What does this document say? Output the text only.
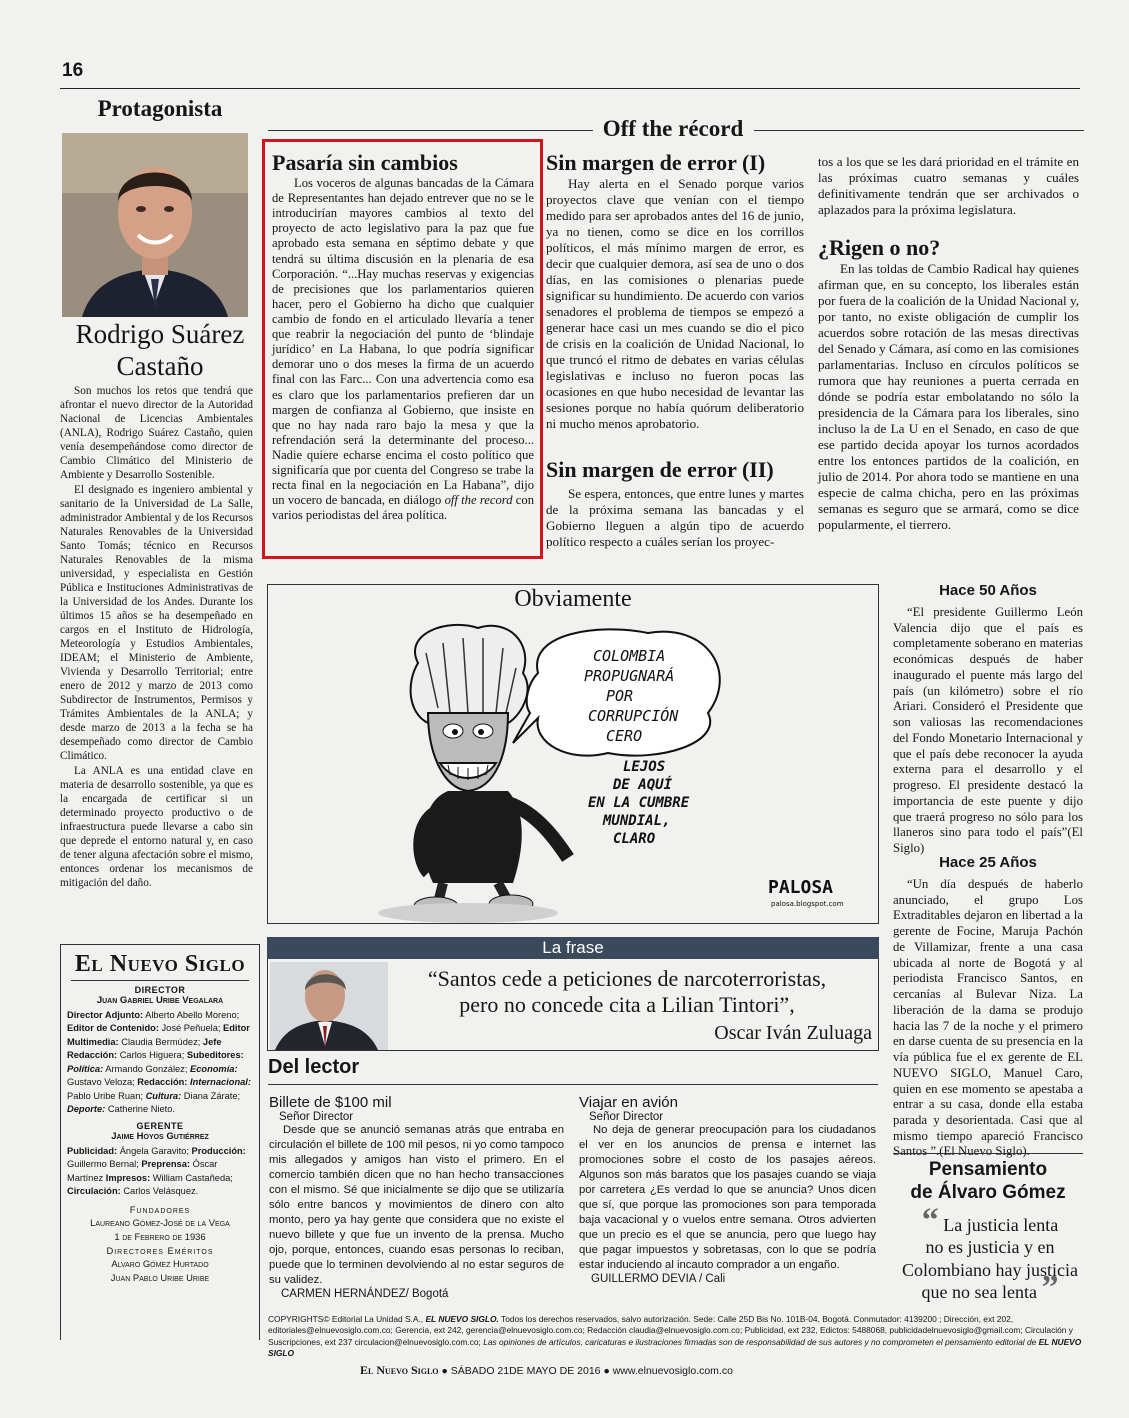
16
Protagonista
Rodrigo Suárez
Castaño

Son muchos los retos que tendrá que afrontar el nuevo director de la Autoridad Nacional de Licencias Ambientales (ANLA), Rodrigo Suárez Castaño, quien venía desempeñándose como director de Cambio Climático del Ministerio de Ambiente y Desarrollo Sostenible.

El designado es ingeniero ambiental y sanitario de la Universidad de La Salle, administrador Ambiental y de los Recursos Naturales Renovables de la Universidad Santo Tomás; técnico en Recursos Naturales Renovables de la misma universidad, y especialista en Gestión Pública e Instituciones Administrativas de la Universidad de los Andes. Durante los últimos 15 años se ha desempeñado en cargos en el Instituto de Hidrología, Meteorología y Estudios Ambientales, IDEAM; el Ministerio de Ambiente, Vivienda y Desarrollo Territorial; entre enero de 2012 y marzo de 2013 como Subdirector de Instrumentos, Permisos y Trámites Ambientales de la ANLA; y desde marzo de 2013 a la fecha se ha desempeñado como director de Cambio Climático.

La ANLA es una entidad clave en materia de desarrollo sostenible, ya que es la encargada de certificar si un determinado proyecto productivo o de infraestructura puede llevarse a cabo sin que deprede el entorno natural y, en caso de tener alguna afectación sobre el mismo, entonces ordenar los mecanismos de mitigación del daño.

El Nuevo Siglo
DIRECTOR
Juan Gabriel Uribe Vegalara
Director Adjunto: Alberto Abello Moreno; Editor de Contenido: José Peñuela; Editor Multimedia: Claudia Bermúdez; Jefe Redacción: Carlos Higuera; Subeditores: Política: Armando González; Economía: Gustavo Veloza; Redacción: Internacional: Pablo Uribe Ruan; Cultura: Diana Zárate; Deporte: Catherine Nieto.
GERENTE
Jaime Hoyos Gutiérrez
Publicidad: Ángela Garavito; Producción: Guillermo Bernal; Preprensa: Óscar Martínez Impresos: William Castañeda; Circulación: Carlos Velásquez.
Fundadores
Laureano Gómez-José de la Vega
1 de Febrero de 1936
Directores Eméritos
Alvaro Gómez Hurtado
Juan Pablo Uribe Uribe
Off the récord
Pasaría sin cambios

Los voceros de algunas bancadas de la Cámara de Representantes han dejado entrever que no se le introducirían mayores cambios al texto del proyecto de acto legislativo para la paz que fue aprobado esta semana en séptimo debate y que tendrá su última discusión en la plenaria de esa Corporación. “...Hay muchas reservas y exigencias de precisiones que los parlamentarios quieren hacer, pero el Gobierno ha dicho que cualquier cambio de fondo en el articulado llevaría a tener que reabrir la negociación del punto de ‘blindaje jurídico’ en La Habana, lo que podría significar demorar uno o dos meses la firma de un acuerdo final con las Farc... Con una advertencia como esa es claro que los parlamentarios prefieren dar un margen de confianza al Gobierno, que insiste en que no hay nada raro bajo la mesa y que la refrendación será la determinante del proceso... Nadie quiere echarse encima el costo político que significaría que por cuenta del Congreso se trabe la recta final en la negociación en La Habana”, dijo un vocero de bancada, en diálogo off the record con varios periodistas del área política.

Sin margen de error (I)

Hay alerta en el Senado porque varios proyectos clave que venían con el tiempo medido para ser aprobados antes del 16 de junio, ya no tienen, como se dice en los corrillos políticos, el más mínimo margen de error, es decir que cualquier demora, así sea de uno o dos días, en las comisiones o plenarias puede significar su hundimiento. De acuerdo con varios senadores el problema de tiempos se empezó a generar hace casi un mes cuando se dio el pico de crisis en la coalición de Unidad Nacional, lo que truncó el ritmo de debates en varias células legislativas e incluso no fueron pocas las ocasiones en que hubo necesidad de levantar las sesiones porque no había quórum deliberatorio ni mucho menos aprobatorio.

Sin margen de error (II)

Se espera, entonces, que entre lunes y martes de la próxima semana las bancadas y el Gobierno lleguen a algún tipo de acuerdo político respecto a cuáles serían los proyec-

tos a los que se les dará prioridad en el trámite en las próximas cuatro semanas y cuáles definitivamente tendrán que ser archivados o aplazados para la próxima legislatura.
¿Rigen o no?

En las toldas de Cambio Radical hay quienes afirman que, en su concepto, los liberales están por fuera de la coalición de la Unidad Nacional y, por tanto, no existe obligación de cumplir los acuerdos sobre rotación de las mesas directivas del Senado y Cámara, así como en las comisiones parlamentarias. Incluso en círculos políticos se rumora que hay reuniones a puerta cerrada en dónde se podría estar embolatando no sólo la presidencia de la Cámara para los liberales, sino incluso la de La U en el Senado, en caso de que ese partido decida apoyar los turnos acordados entre los entonces partidos de la coalición, en julio de 2014. Por ahora todo se mantiene en una especie de calma chicha, pero en las próximas semanas es seguro que se armará, como se dice popularmente, el tierrero.

Obviamente
COLOMBIA
PROPUGNARÁ
POR
CORRUPCIÓN
CERO
LEJOS
DE AQUÍ
EN LA CUMBRE
MUNDIAL,
CLARO
PALOSA
palosa.blogspot.com
Hace 50 Años
“El presidente Guillermo León Valencia dijo que el país es completamente soberano en materias económicas después de haber inaugurado el puente más largo del país (un kilómetro) sobre el río Ariari. Consideró el Presidente que son valiosas las recomendaciones del Fondo Monetario Internacional y que el país debe reconocer la ayuda externa para el desarrollo y el progreso. El presidente destacó la importancia de este puente y dijo que traerá progreso no sólo para los llaneros sino para todo el país”(El Siglo)
Hace 25 Años
“Un día después de haberlo anunciado, el grupo Los Extraditables dejaron en libertad a la gerente de Focine, Maruja Pachón de Villamizar, frente a una casa ubicada al norte de Bogotá y al periodista Francisco Santos, en cercanías al Bulevar Niza. La liberación de la dama se produjo hacia las 7 de la noche y el primero en darse cuenta de su presencia en la vía pública fue el ex gerente de EL NUEVO SIGLO, Manuel Caro, quien en ese momento se apestaba a entrar a su casa, donde ella estaba parada y desorientada. Casi que al mismo tiempo apareció Francisco Santos ”.(El Nuevo Siglo).
La frase
“Santos cede a peticiones de narcoterroristas,
pero no concede cita a Lilian Tintori”,
Oscar Iván Zuluaga
Del lector
Billete de $100 mil
Señor Director
Desde que se anunció semanas atrás que entraba en circulación el billete de 100 mil pesos, ni yo como tampoco mis allegados y amigos han visto el primero. En el comercio también dicen que no han hecho transacciones con el mismo. Sé que inicialmente se dijo que se utilizaría sólo entre bancos y movimientos de dinero con alto monto, pero ya hay gente que considera que no existe el nuevo billete y que fue un invento de la prensa. Mucho ojo, porque, entonces, cuando esas personas lo reciban, puede que lo terminen devolviendo al no estar seguros de su validez.
CARMEN HERNÁNDEZ/ Bogotá
Viajar en avión
Señor Director
No deja de generar preocupación para los ciudadanos el ver en los anuncios de prensa e internet las promociones sobre el costo de los pasajes aéreos. Algunos son más baratos que los pasajes cuando se viaja por carretera ¿Es verdad lo que se anuncia? Unos dicen que sí, que porque las promociones son para temporada baja vacacional y o vuelos entre semana. Otros advierten que un precio es el que se anuncia, pero que luego hay que pagar impuestos y sobretasas, con lo que se podría estar induciendo al incauto comprador a un engaño.
GUILLERMO DEVIA / Cali
Pensamiento
de Álvaro Gómez
“ La justicia lenta
no es justicia y en
Colombiano hay justicia
que no sea lenta ”
COPYRIGHTS© Editorial La Unidad S.A., EL NUEVO SIGLO. Todos los derechos reservados, salvo autorización. Sede: Calle 25D Bis No. 101B-04, Bogotá. Conmutador: 4139200 ; Dirección, ext 202, editoriales@elnuevosiglo.com.co; Gerencia, ext 242, gerencia@elnuevosiglo.com.co; Redacción claudia@elnuevosiglo.com.co; Publicidad, ext 232, Edictos: 5488068, publicidadelnuevosiglo@gmail.com; Circulación y Suscripciones, ext 237 circulacion@elnuevosiglo.com.co; Las opiniones de artículos, caricaturas e ilustraciones firmadas son de responsabilidad de sus autores y no comprometen el pensamiento editorial de EL NUEVO SIGLO
El Nuevo Siglo ● SÁBADO 21DE MAYO DE 2016 ● www.elnuevosiglo.com.co
